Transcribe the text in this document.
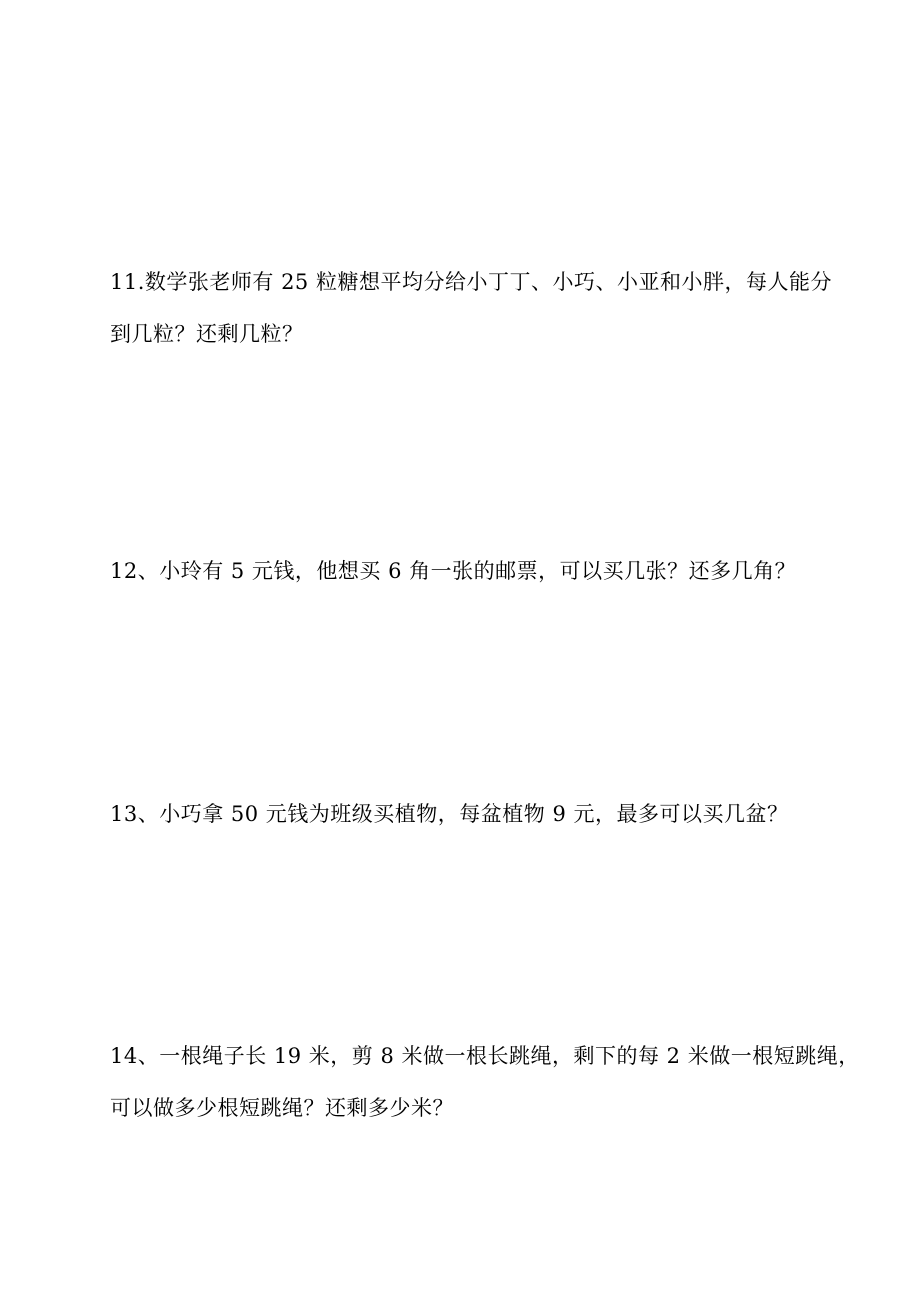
11.数学张老师有 25 粒糖想平均分给小丁丁、小巧、小亚和小胖，每人能分
到几粒？还剩几粒？
12、小玲有 5 元钱，他想买 6 角一张的邮票，可以买几张？还多几角？
13、小巧拿 50 元钱为班级买植物，每盆植物 9 元，最多可以买几盆？
14、一根绳子长 19 米，剪 8 米做一根长跳绳，剩下的每 2 米做一根短跳绳，
可以做多少根短跳绳？还剩多少米？
